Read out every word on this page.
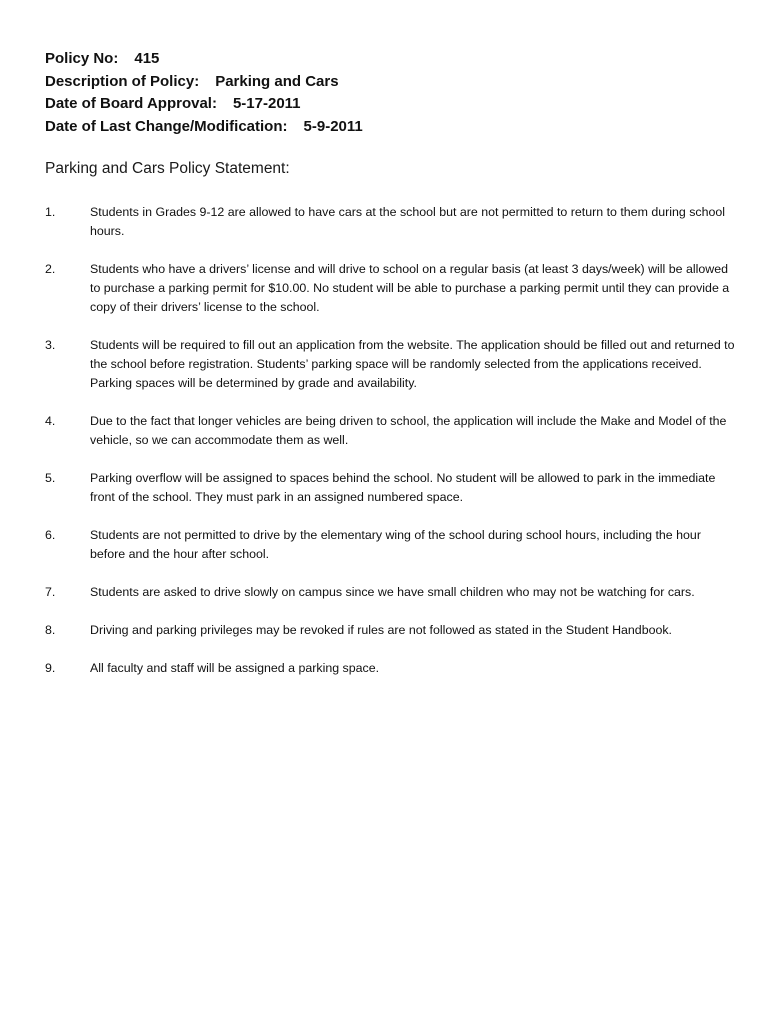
Policy No: 415
Description of Policy: Parking and Cars
Date of Board Approval: 5-17-2011
Date of Last Change/Modification: 5-9-2011
Parking and Cars Policy Statement:
1.	Students in Grades 9-12 are allowed to have cars at the school but are not permitted to return to them during school hours.
2.	Students who have a drivers’ license and will drive to school on a regular basis (at least 3 days/week) will be allowed to purchase a parking permit for $10.00. No student will be able to purchase a parking permit until they can provide a copy of their drivers’ license to the school.
3.	Students will be required to fill out an application from the website. The application should be filled out and returned to the school before registration. Students’ parking space will be randomly selected from the applications received. Parking spaces will be determined by grade and availability.
4.	Due to the fact that longer vehicles are being driven to school, the application will include the Make and Model of the vehicle, so we can accommodate them as well.
5.	Parking overflow will be assigned to spaces behind the school. No student will be allowed to park in the immediate front of the school. They must park in an assigned numbered space.
6.	Students are not permitted to drive by the elementary wing of the school during school hours, including the hour before and the hour after school.
7.	Students are asked to drive slowly on campus since we have small children who may not be watching for cars.
8.	Driving and parking privileges may be revoked if rules are not followed as stated in the Student Handbook.
9.	All faculty and staff will be assigned a parking space.
